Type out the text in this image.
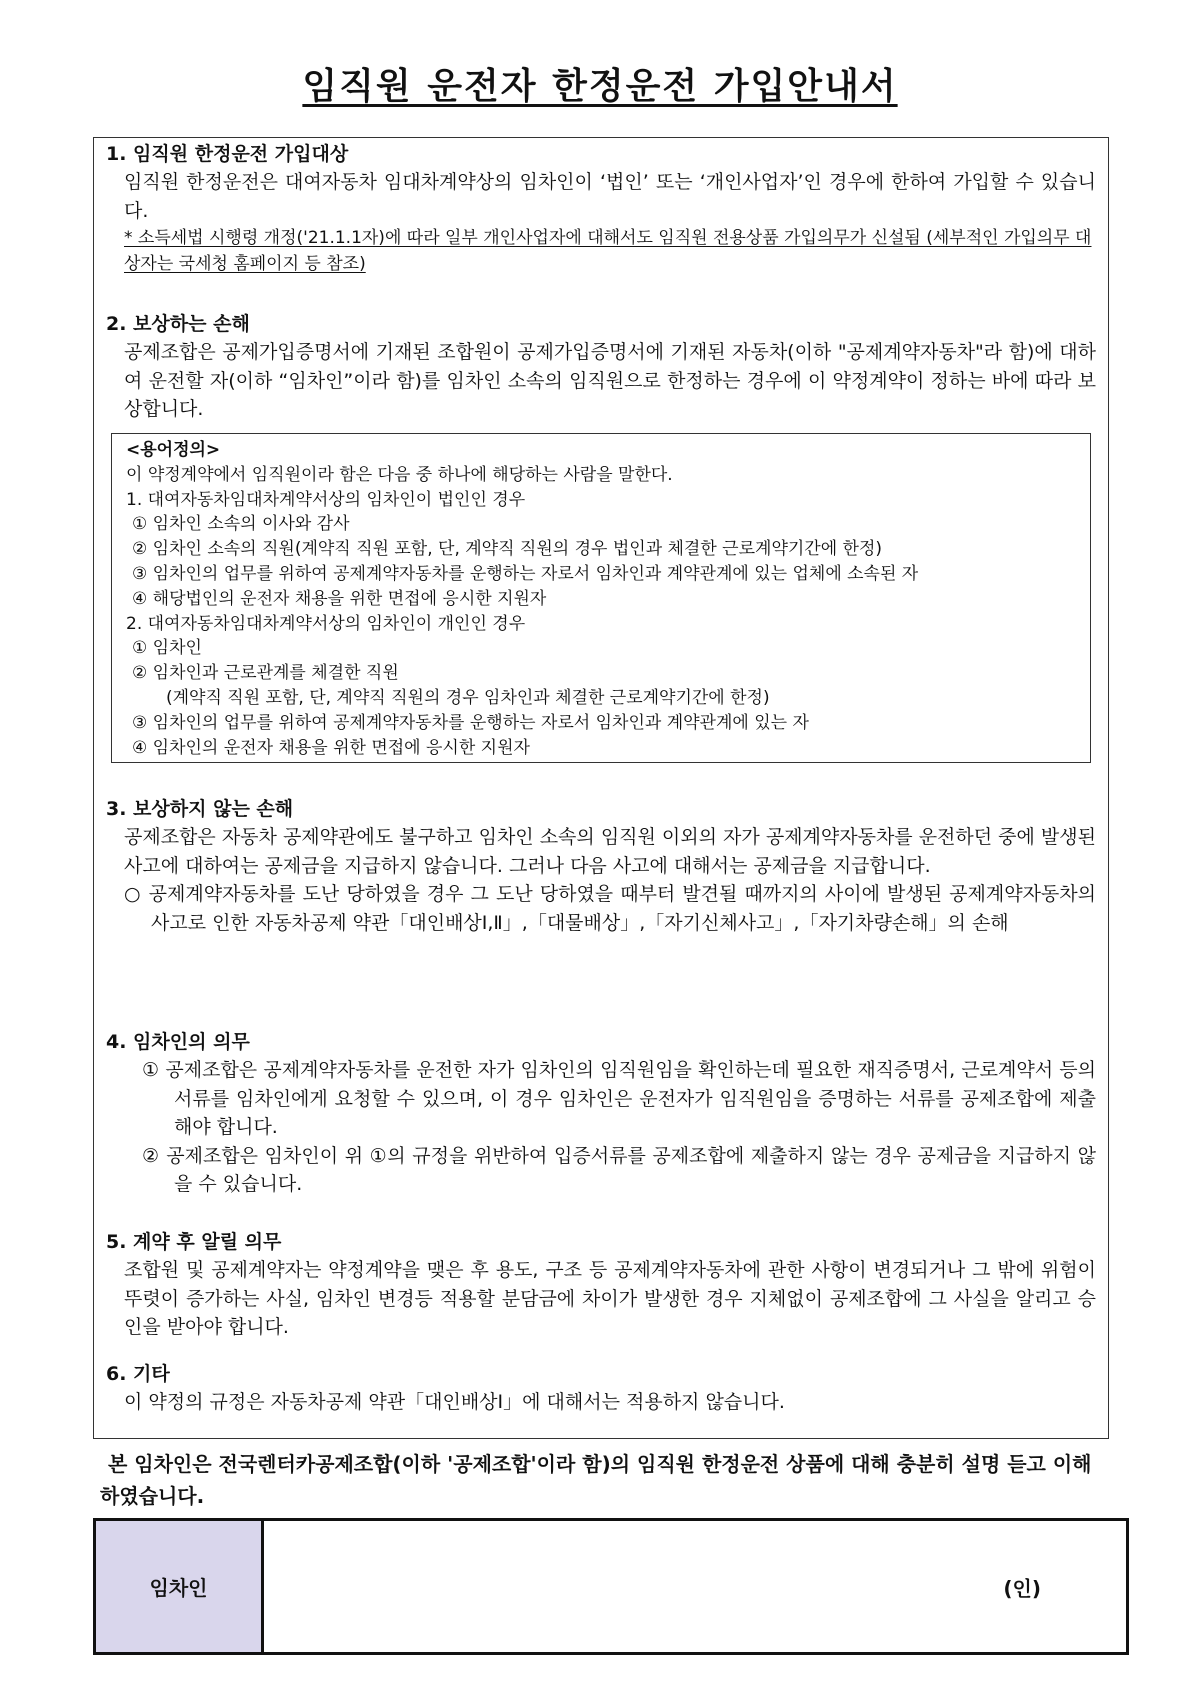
임직원 운전자 한정운전 가입안내서
1. 임직원 한정운전 가입대상
임직원 한정운전은 대여자동차 임대차계약상의 임차인이 ‘법인’ 또는 ‘개인사업자’인 경우에 한하여 가입할 수 있습니다.
* 소득세법 시행령 개정('21.1.1자)에 따라 일부 개인사업자에 대해서도 임직원 전용상품 가입의무가 신설됨 (세부적인 가입의무 대상자는 국세청 홈페이지 등 참조)
2. 보상하는 손해
공제조합은 공제가입증명서에 기재된 조합원이 공제가입증명서에 기재된 자동차(이하 "공제계약자동차"라 함)에 대하여 운전할 자(이하 “임차인”이라 함)를 임차인 소속의 임직원으로 한정하는 경우에 이 약정계약이 정하는 바에 따라 보상합니다.
<용어정의>
이 약정계약에서 임직원이라 함은 다음 중 하나에 해당하는 사람을 말한다.
1. 대여자동차임대차계약서상의 임차인이 법인인 경우
① 임차인 소속의 이사와 감사
② 임차인 소속의 직원(계약직 직원 포함, 단, 계약직 직원의 경우 법인과 체결한 근로계약기간에 한정)
③ 임차인의 업무를 위하여 공제계약자동차를 운행하는 자로서 임차인과 계약관계에 있는 업체에 소속된 자
④ 해당법인의 운전자 채용을 위한 면접에 응시한 지원자
2. 대여자동차임대차계약서상의 임차인이 개인인 경우
① 임차인
② 임차인과 근로관계를 체결한 직원
(계약직 직원 포함, 단, 계약직 직원의 경우 임차인과 체결한 근로계약기간에 한정)
③ 임차인의 업무를 위하여 공제계약자동차를 운행하는 자로서 임차인과 계약관계에 있는 자
④ 임차인의 운전자 채용을 위한 면접에 응시한 지원자
3. 보상하지 않는 손해
공제조합은 자동차 공제약관에도 불구하고 임차인 소속의 임직원 이외의 자가 공제계약자동차를 운전하던 중에 발생된 사고에 대하여는 공제금을 지급하지 않습니다. 그러나 다음 사고에 대해서는 공제금을 지급합니다.
○ 공제계약자동차를 도난 당하였을 경우 그 도난 당하였을 때부터 발견될 때까지의 사이에 발생된 공제계약자동차의 사고로 인한 자동차공제 약관「대인배상Ⅰ,Ⅱ」,「대물배상」,「자기신체사고」,「자기차량손해」의 손해
4. 임차인의 의무
① 공제조합은 공제계약자동차를 운전한 자가 임차인의 임직원임을 확인하는데 필요한 재직증명서, 근로계약서 등의 서류를 임차인에게 요청할 수 있으며, 이 경우 임차인은 운전자가 임직원임을 증명하는 서류를 공제조합에 제출해야 합니다.
② 공제조합은 임차인이 위 ①의 규정을 위반하여 입증서류를 공제조합에 제출하지 않는 경우 공제금을 지급하지 않을 수 있습니다.
5. 계약 후 알릴 의무
조합원 및 공제계약자는 약정계약을 맺은 후 용도, 구조 등 공제계약자동차에 관한 사항이 변경되거나 그 밖에 위험이 뚜렷이 증가하는 사실, 임차인 변경등 적용할 분담금에 차이가 발생한 경우 지체없이 공제조합에 그 사실을 알리고 승인을 받아야 합니다.
6. 기타
이 약정의 규정은 자동차공제 약관「대인배상Ⅰ」에 대해서는 적용하지 않습니다.
본 임차인은 전국렌터카공제조합(이하 '공제조합'이라 함)의 임직원 한정운전 상품에 대해 충분히 설명 듣고 이해하였습니다.
임차인	(인)
